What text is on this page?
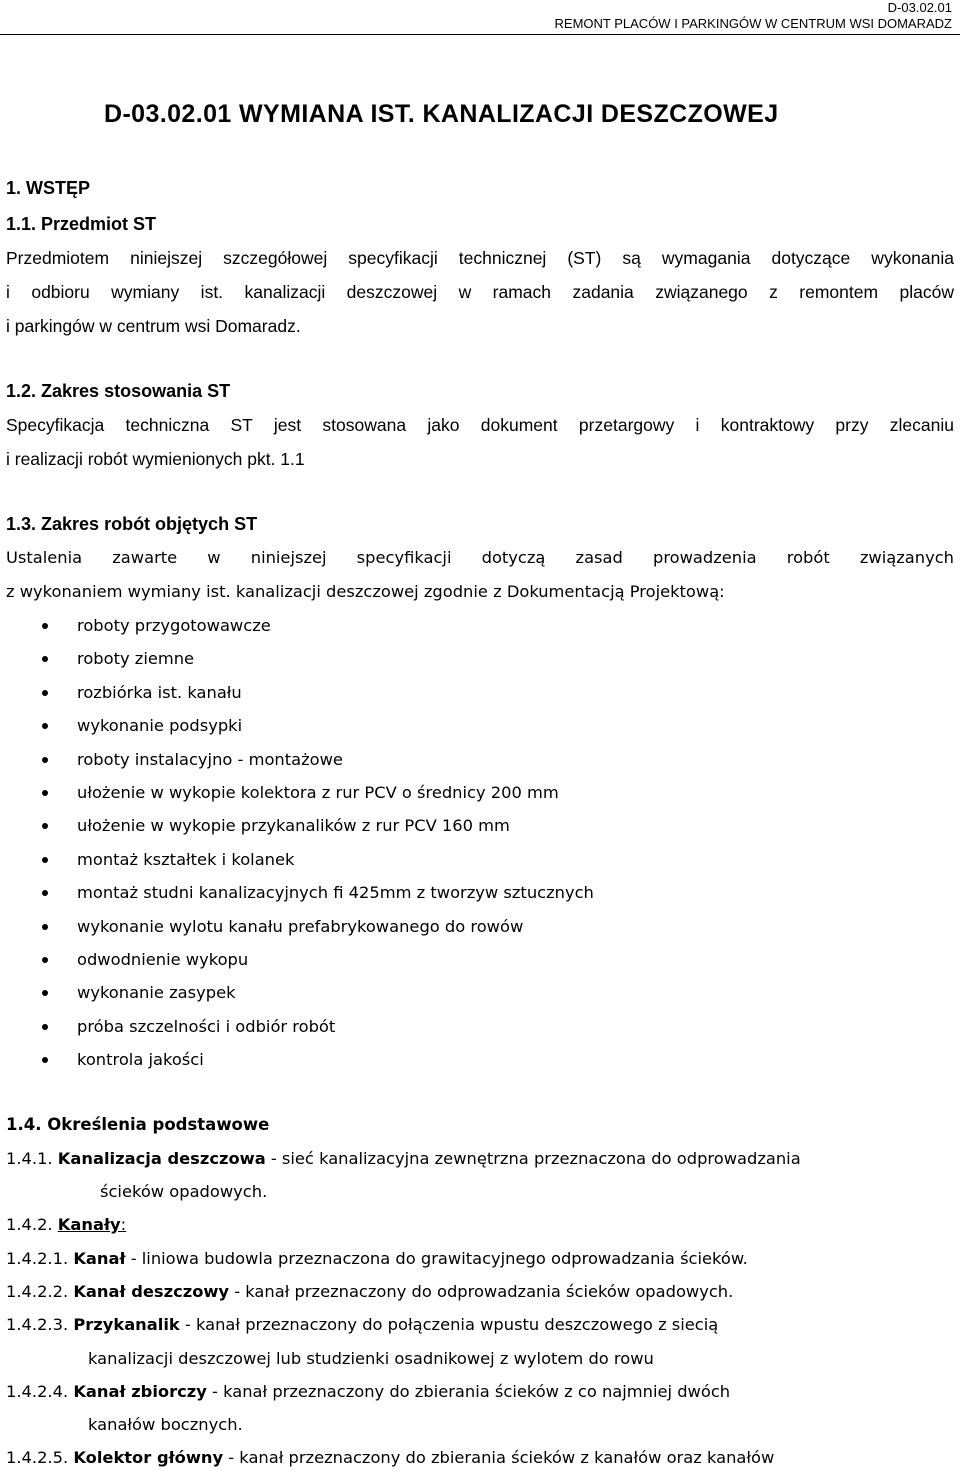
D-03.02.01
REMONT PLACÓW I PARKINGÓW W CENTRUM WSI DOMARADZ
D-03.02.01 WYMIANA IST. KANALIZACJI DESZCZOWEJ
1. WSTĘP
1.1. Przedmiot ST
Przedmiotem niniejszej szczegółowej specyfikacji technicznej (ST) są wymagania dotyczące wykonania
i odbioru wymiany ist. kanalizacji deszczowej w ramach zadania związanego z remontem placów
i parkingów w centrum wsi Domaradz.
1.2. Zakres stosowania ST
Specyfikacja techniczna ST jest stosowana jako dokument przetargowy i kontraktowy przy zlecaniu
i realizacji robót wymienionych pkt. 1.1
1.3. Zakres robót objętych ST
Ustalenia zawarte w niniejszej specyfikacji dotyczą zasad prowadzenia robót związanych
z wykonaniem wymiany ist. kanalizacji deszczowej zgodnie z Dokumentacją Projektową:
roboty przygotowawcze
roboty ziemne
rozbiórka ist. kanału
wykonanie podsypki
roboty instalacyjno - montażowe
ułożenie w wykopie kolektora z rur PCV o średnicy 200 mm
ułożenie w wykopie przykanalików z rur PCV 160 mm
montaż kształtek i kolanek
montaż studni kanalizacyjnych fi 425mm z tworzyw sztucznych
wykonanie wylotu kanału prefabrykowanego do rowów
odwodnienie wykopu
wykonanie zasypek
próba szczelności i odbiór robót
kontrola jakości
1.4. Określenia podstawowe
1.4.1. Kanalizacja deszczowa - sieć kanalizacyjna zewnętrzna przeznaczona do odprowadzania
ścieków opadowych.
1.4.2. Kanały:
1.4.2.1. Kanał - liniowa budowla przeznaczona do grawitacyjnego odprowadzania ścieków.
1.4.2.2. Kanał deszczowy - kanał przeznaczony do odprowadzania ścieków opadowych.
1.4.2.3. Przykanalik - kanał przeznaczony do połączenia wpustu deszczowego z siecią
kanalizacji deszczowej lub studzienki osadnikowej z wylotem do rowu
1.4.2.4. Kanał zbiorczy - kanał przeznaczony do zbierania ścieków z co najmniej dwóch
kanałów bocznych.
1.4.2.5. Kolektor główny - kanał przeznaczony do zbierania ścieków z kanałów oraz kanałów
